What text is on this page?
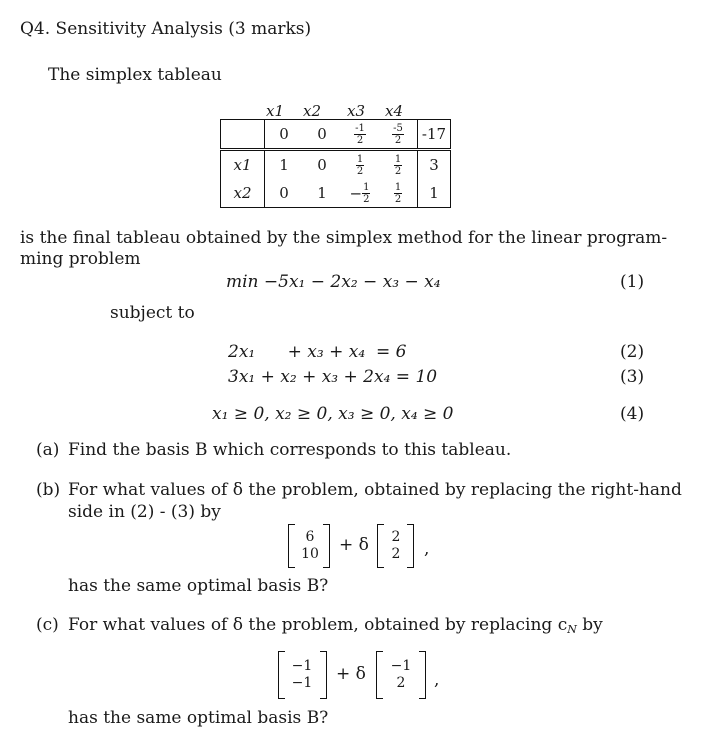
Q4. Sensitivity Analysis (3 marks)
The simplex tableau
x1 x2 x3 x4
	0	0	$\frac{-1}{2}$	$\frac{-5}{2}$	-17
x1	1	0	$\frac{1}{2}$	$\frac{1}{2}$	3
x2	0	1	− $\frac{1}{2}$	$\frac{1}{2}$	1
is the final tableau obtained by the simplex method for the linear program-
ming problem
min −5x₁ − 2x₂ − x₃ − x₄	(1)
subject to
2x₁      + x₃ + x₄  = 6	(2)
3x₁ + x₂ + x₃ + 2x₄ = 10	(3)
x₁ ≥ 0, x₂ ≥ 0, x₃ ≥ 0, x₄ ≥ 0	(4)
(a) Find the basis B which corresponds to this tableau.
(b) For what values of δ the problem, obtained by replacing the right-hand
side in (2) - (3) by
6
10 + δ 2
2 ,
has the same optimal basis B?
(c) For what values of δ the problem, obtained by replacing cN by
−1
−1 + δ −1
2 ,
has the same optimal basis B?
